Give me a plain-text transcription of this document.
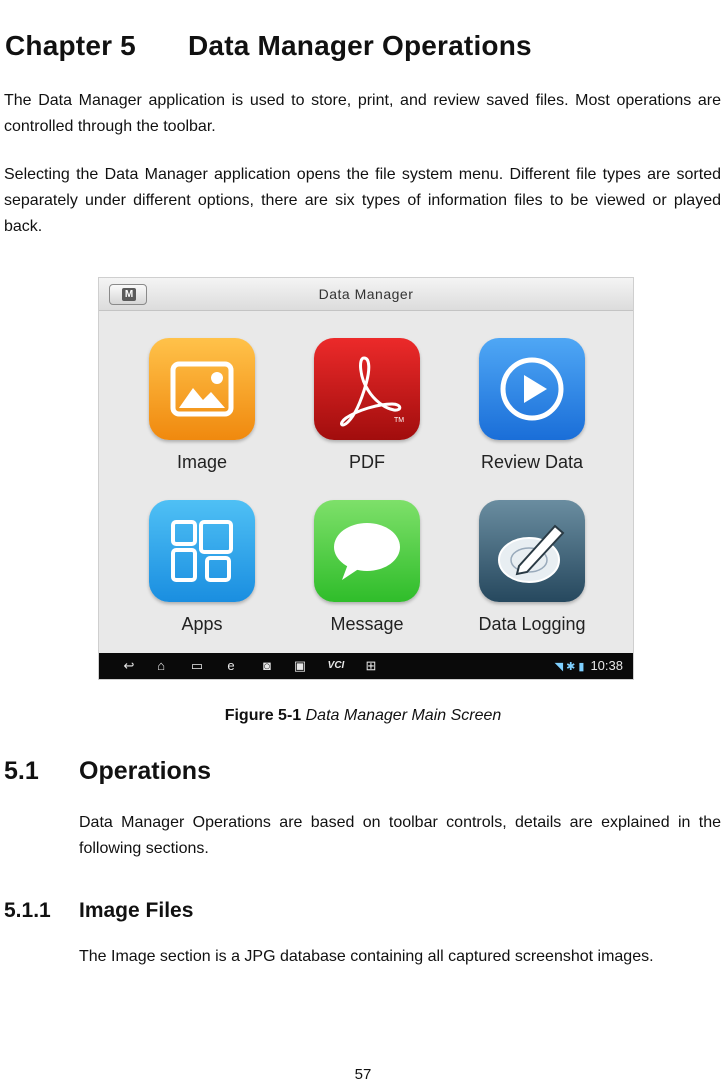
Chapter 5 Data Manager Operations

The Data Manager application is used to store, print, and review saved files. Most operations are controlled through the toolbar.

Selecting the Data Manager application opens the file system menu. Different file types are sorted separately under different options, there are six types of information files to be viewed or played back.

M	Data Manager
Image
TM
PDF	Review Data
Apps	Message	Data Logging
↩	⌂	▭	e	◙	▣ VCI ⊞	◥ ✱ ▮ 10:38
Figure 5-1 Data Manager Main Screen
5.1 Operations

Data Manager Operations are based on toolbar controls, details are explained in the following sections.

5.1.1 Image Files

The Image section is a JPG database containing all captured screenshot images.

57
